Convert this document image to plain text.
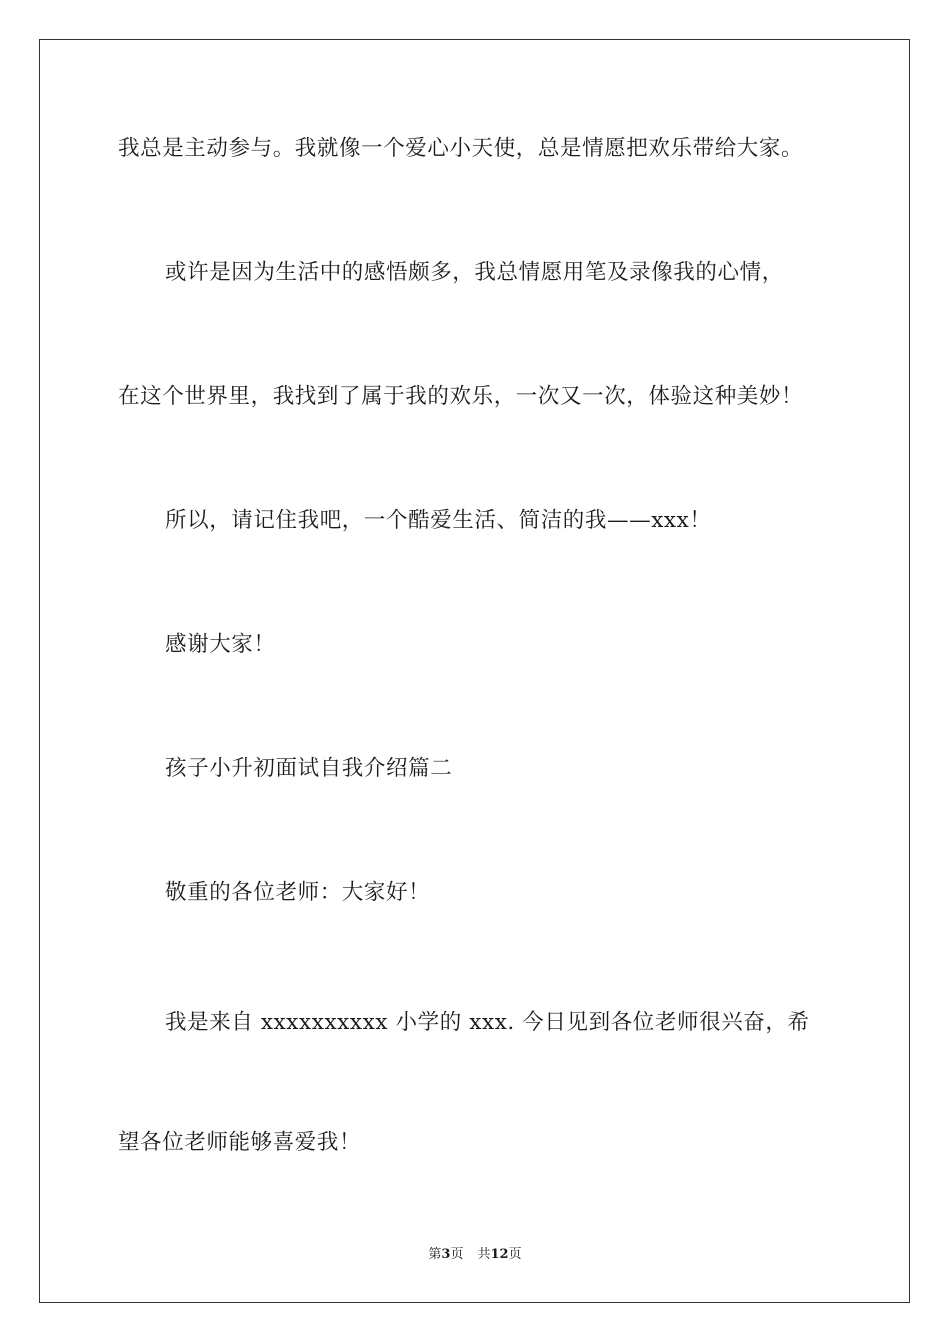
我总是主动参与。我就像一个爱心小天使，总是情愿把欢乐带给大家。

或许是因为生活中的感悟颇多，我总情愿用笔及录像我的心情，

在这个世界里，我找到了属于我的欢乐，一次又一次，体验这种美妙！

所以，请记住我吧，一个酷爱生活、简洁的我——xxx！

感谢大家！

孩子小升初面试自我介绍篇二

敬重的各位老师：大家好！

我是来自 xxxxxxxxxx 小学的 xxx. 今日见到各位老师很兴奋，希

望各位老师能够喜爱我！

第3页 共12页
